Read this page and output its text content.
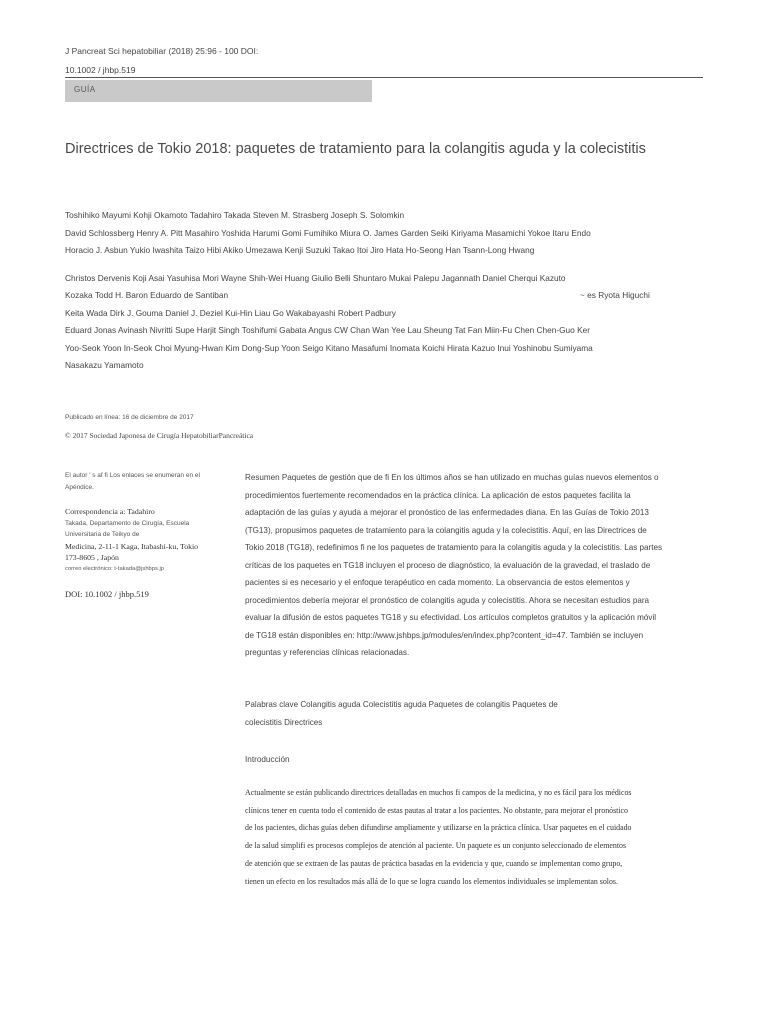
J Pancreat Sci hepatobiliar (2018) 25:96 - 100 DOI:
10.1002 / jhbp.519
GUÍA
Directrices de Tokio 2018: paquetes de tratamiento para la colangitis aguda y la colecistitis
Toshihiko Mayumi Kohji Okamoto Tadahiro Takada Steven M. Strasberg Joseph S. Solomkin
David Schlossberg Henry A. Pitt Masahiro Yoshida Harumi Gomi Fumihiko Miura O. James Garden Seiki Kiriyama Masamichi Yokoe Itaru Endo
Horacio J. Asbun Yukio Iwashita Taizo Hibi Akiko Umezawa Kenji Suzuki Takao Itoi Jiro Hata Ho-Seong Han Tsann-Long Hwang
Christos Dervenis Koji Asai Yasuhisa Mori Wayne Shih-Wei Huang Giulio Belli Shuntaro Mukai Palepu Jagannath Daniel Cherqui Kazuto
Kozaka Todd H. Baron Eduardo de Santiban	~ es Ryota Higuchi
Keita Wada Dirk J. Gouma Daniel J. Deziel Kui-Hin Liau Go Wakabayashi Robert Padbury
Eduard Jonas Avinash Nivritti Supe Harjit Singh Toshifumi Gabata Angus CW Chan Wan Yee Lau Sheung Tat Fan Miin-Fu Chen Chen-Guo Ker
Yoo-Seok Yoon In-Seok Choi Myung-Hwan Kim Dong-Sup Yoon Seigo Kitano Masafumi Inomata Koichi Hirata Kazuo Inui Yoshinobu Sumiyama
Nasakazu Yamamoto
Publicado en línea: 16 de diciembre de 2017
© 2017 Sociedad Japonesa de Cirugía HepatobiliarPancreática
El autor ' s af fi Los enlaces se enumeran en el Apéndice.
Correspondencia a: Tadahiro
Takada, Departamento de Cirugía, Escuela
Universitaria de Teikyo de
Medicina, 2-11-1 Kaga, Itabashi-ku, Tokio
173-8605 , Japón
correo electrónico: t-takada@jshbps.jp
DOI: 10.1002 / jhbp.519
Resumen Paquetes de gestión que de fi En los últimos años se han utilizado en muchas guías nuevos elementos o
procedimientos fuertemente recomendados en la práctica clínica. La aplicación de estos paquetes facilita la
adaptación de las guías y ayuda a mejorar el pronóstico de las enfermedades diana. En las Guías de Tokio 2013
(TG13), propusimos paquetes de tratamiento para la colangitis aguda y la colecistitis. Aquí, en las Directrices de
Tokio 2018 (TG18), redefinimos fi ne los paquetes de tratamiento para la colangitis aguda y la colecistitis. Las partes
críticas de los paquetes en TG18 incluyen el proceso de diagnóstico, la evaluación de la gravedad, el traslado de
pacientes si es necesario y el enfoque terapéutico en cada momento. La observancia de estos elementos y
procedimientos debería mejorar el pronóstico de colangitis aguda y colecistitis. Ahora se necesitan estudios para
evaluar la difusión de estos paquetes TG18 y su efectividad. Los artículos completos gratuitos y la aplicación móvil
de TG18 están disponibles en: http://www.jshbps.jp/modules/en/index.php?content_id=47. También se incluyen
preguntas y referencias clínicas relacionadas.
Palabras clave Colangitis aguda Colecistitis aguda Paquetes de colangitis Paquetes de
colecistitis Directrices
Introducción
Actualmente se están publicando directrices detalladas en muchos fi campos de la medicina, y no es fácil para los médicos
clínicos tener en cuenta todo el contenido de estas pautas al tratar a los pacientes. No obstante, para mejorar el pronóstico
de los pacientes, dichas guías deben difundirse ampliamente y utilizarse en la práctica clínica. Usar paquetes en el cuidado
de la salud simplifi es procesos complejos de atención al paciente. Un paquete es un conjunto seleccionado de elementos
de atención que se extraen de las pautas de práctica basadas en la evidencia y que, cuando se implementan como grupo,
tienen un efecto en los resultados más allá de lo que se logra cuando los elementos individuales se implementan solos.
